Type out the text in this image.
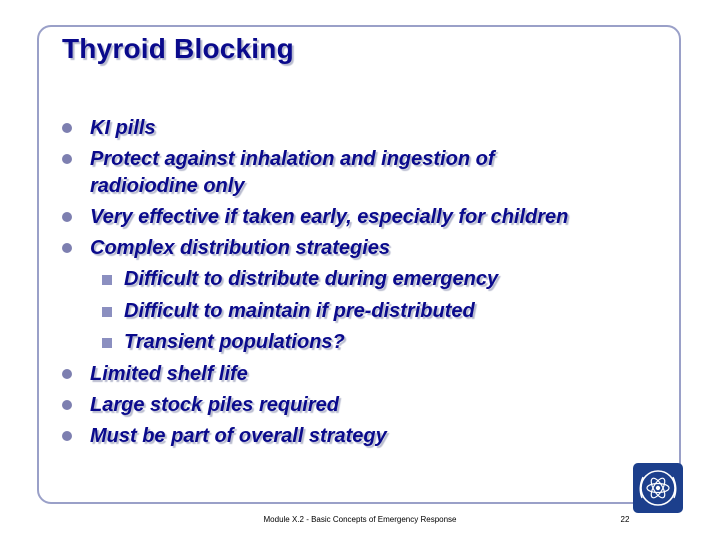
Thyroid Blocking
KI pills
Protect against inhalation and ingestion of radioiodine only
Very effective if taken early, especially for children
Complex distribution strategies
Difficult to distribute during emergency
Difficult to maintain if pre-distributed
Transient populations?
Limited shelf life
Large stock piles required
Must be part of overall strategy
Module X.2 - Basic Concepts of Emergency Response	22
